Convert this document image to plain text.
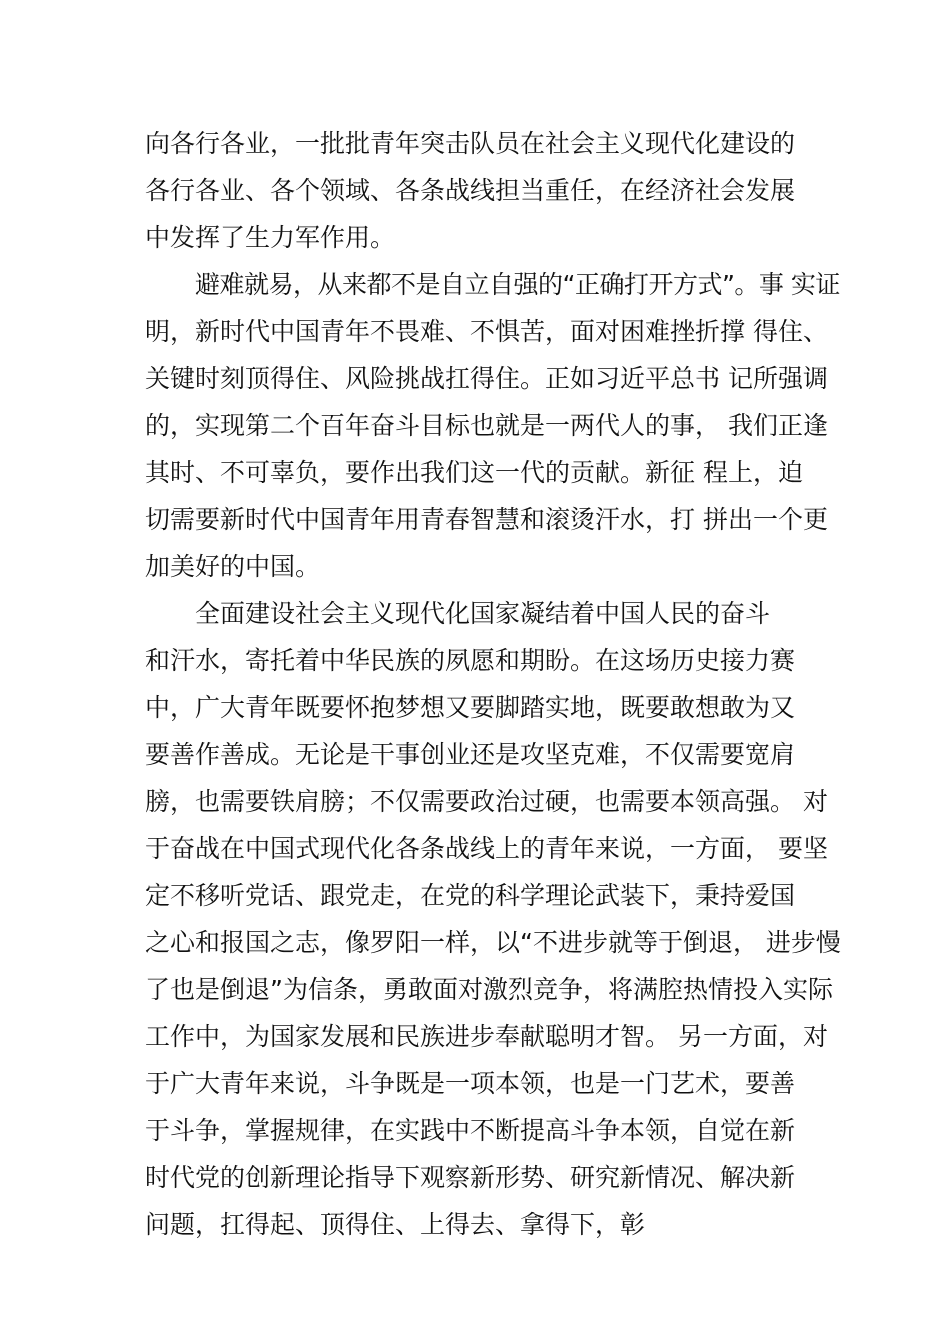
向各行各业，一批批青年突击队员在社会主义现代化建设的
各行各业、各个领域、各条战线担当重任，在经济社会发展
中发挥了生力军作用。
避难就易，从来都不是自立自强的“正确打开方式”。事 实证
明，新时代中国青年不畏难、不惧苦，面对困难挫折撑 得住、
关键时刻顶得住、风险挑战扛得住。正如习近平总书 记所强调
的，实现第二个百年奋斗目标也就是一两代人的事， 我们正逢
其时、不可辜负，要作出我们这一代的贡献。新征 程上，迫
切需要新时代中国青年用青春智慧和滚烫汗水，打 拼出一个更
加美好的中国。
全面建设社会主义现代化国家凝结着中国人民的奋斗
和汗水，寄托着中华民族的夙愿和期盼。在这场历史接力赛
中，广大青年既要怀抱梦想又要脚踏实地，既要敢想敢为又
要善作善成。无论是干事创业还是攻坚克难，不仅需要宽肩
膀，也需要铁肩膀；不仅需要政治过硬，也需要本领高强。 对
于奋战在中国式现代化各条战线上的青年来说，一方面， 要坚
定不移听党话、跟党走，在党的科学理论武装下，秉持爱国
之心和报国之志，像罗阳一样，以“不进步就等于倒退， 进步慢
了也是倒退”为信条，勇敢面对激烈竞争，将满腔热情投入实际
工作中，为国家发展和民族进步奉献聪明才智。 另一方面，对
于广大青年来说，斗争既是一项本领，也是一门艺术，要善
于斗争，掌握规律，在实践中不断提高斗争本领，自觉在新
时代党的创新理论指导下观察新形势、研究新情况、解决新
问题，扛得起、顶得住、上得去、拿得下，彰
